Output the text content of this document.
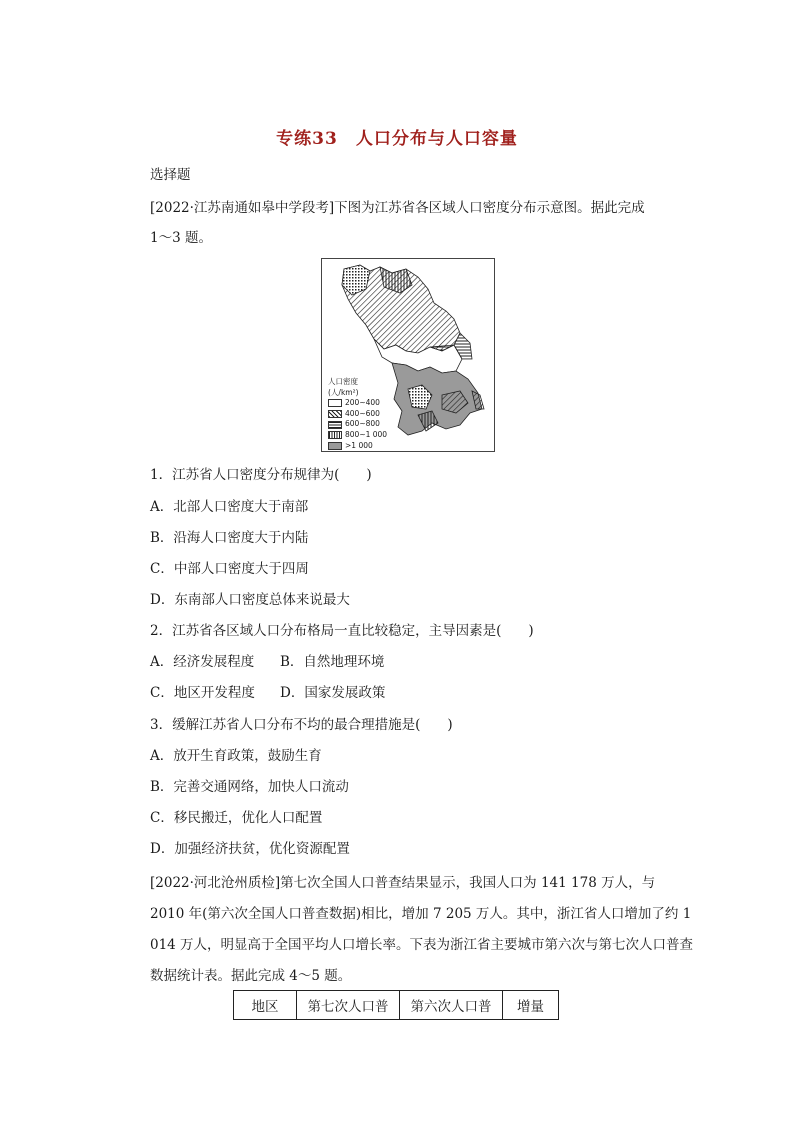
专练33 人口分布与人口容量
选择题
[2022·江苏南通如皋中学段考]下图为江苏省各区域人口密度分布示意图。据此完成
1～3 题。
人口密度
(人/km²)
200~400
400~600
600~800
800~1 000
>1 000
1．江苏省人口密度分布规律为(　　)
A．北部人口密度大于南部
B．沿海人口密度大于内陆
C．中部人口密度大于四周
D．东南部人口密度总体来说最大
2．江苏省各区域人口分布格局一直比较稳定，主导因素是(　　)
A．经济发展程度 B．自然地理环境
C．地区开发程度 D．国家发展政策
3．缓解江苏省人口分布不均的最合理措施是(　　)
A．放开生育政策，鼓励生育
B．完善交通网络，加快人口流动
C．移民搬迁，优化人口配置
D．加强经济扶贫，优化资源配置
[2022·河北沧州质检]第七次全国人口普查结果显示，我国人口为 141 178 万人，与
2010 年(第六次全国人口普查数据)相比，增加 7 205 万人。其中，浙江省人口增加了约 1
014 万人，明显高于全国平均人口增长率。下表为浙江省主要城市第六次与第七次人口普查
数据统计表。据此完成 4～5 题。
地区	第七次人口普	第六次人口普	增量
